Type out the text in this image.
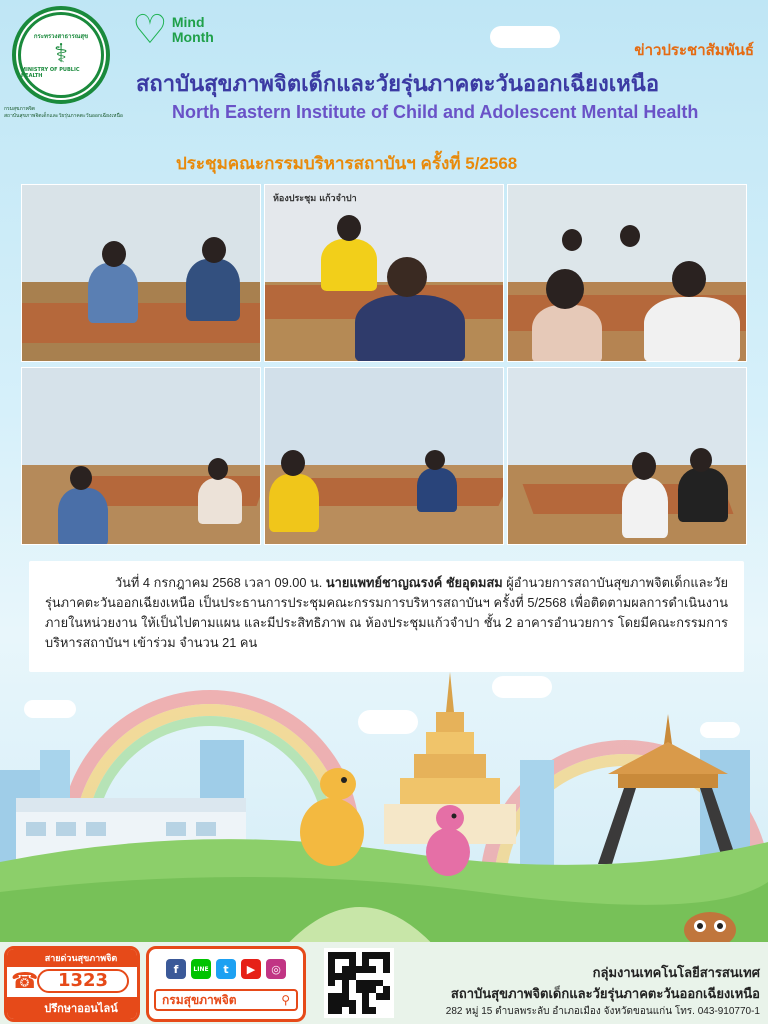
กระทรวงสาธารณสุข
⚕
MINISTRY OF PUBLIC HEALTH
กรมสุขภาพจิต
สถาบันสุขภาพจิตเด็กและวัยรุ่นภาคตะวันออกเฉียงเหนือ
♡ Mind
Month
ข่าวประชาสัมพันธ์
สถาบันสุขภาพจิตเด็กและวัยรุ่นภาคตะวันออกเฉียงเหนือ
North Eastern Institute of Child and Adolescent Mental Health
ประชุมคณะกรรมบริหารสถาบันฯ ครั้งที่ 5/2568
ห้องประชุม แก้วจำปา
วันที่ 4 กรกฎาคม 2568 เวลา 09.00 น. นายแพทย์ชาญณรงค์ ชัยอุดมสม ผู้อำนวยการสถาบันสุขภาพจิตเด็กและวัยรุ่นภาคตะวันออกเฉียงเหนือ เป็นประธานการประชุมคณะกรรมการบริหารสถาบันฯ ครั้งที่ 5/2568 เพื่อติดตามผลการดำเนินงานภายในหน่วยงาน ให้เป็นไปตามแผน และมีประสิทธิภาพ ณ ห้องประชุมแก้วจำปา ชั้น 2 อาคารอำนวยการ โดยมีคณะกรรมการบริหารสถาบันฯ เข้าร่วม จำนวน 21 คน
สายด่วนสุขภาพจิต
☎	1323
ปรึกษาออนไลน์
f	LINE	t	▶	◎
กรมสุขภาพจิต	⚲
กลุ่มงานเทคโนโลยีสารสนเทศ
สถาบันสุขภาพจิตเด็กและวัยรุ่นภาคตะวันออกเฉียงเหนือ
282 หมู่ 15 ตำบลพระลับ อำเภอเมือง จังหวัดขอนแก่น โทร. 043-910770-1
